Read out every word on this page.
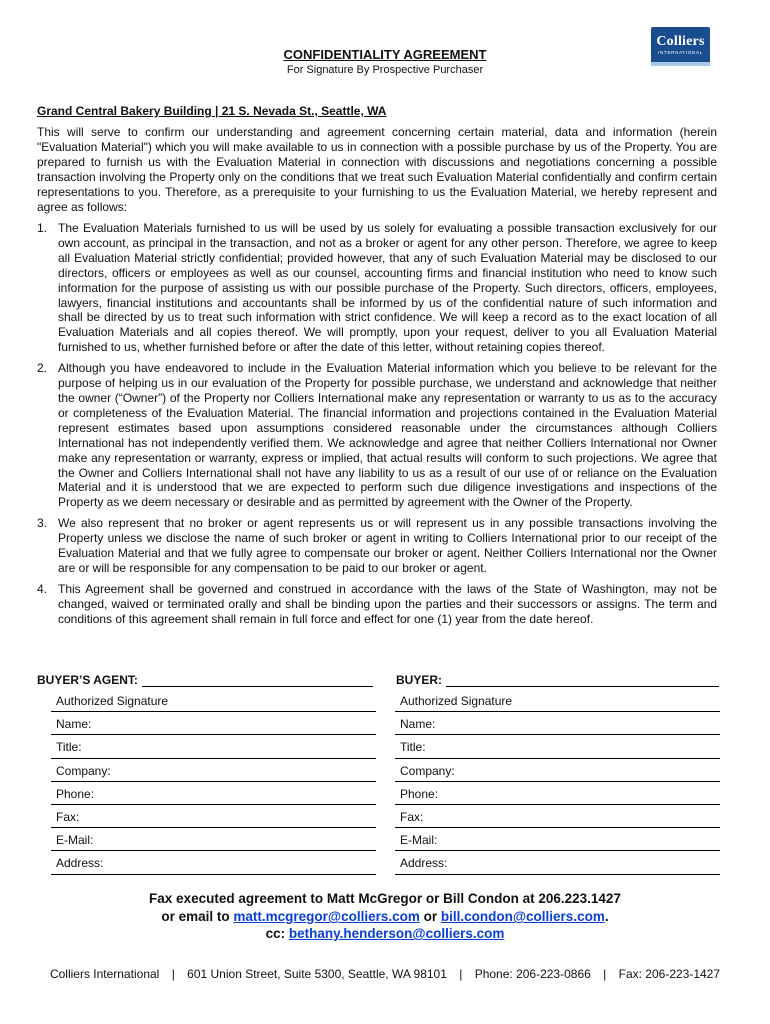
Colliers
INTERNATIONAL
CONFIDENTIALITY AGREEMENT
For Signature By Prospective Purchaser
Grand Central Bakery Building | 21 S. Nevada St., Seattle, WA

This will serve to confirm our understanding and agreement concerning certain material, data and information (herein "Evaluation Material") which you will make available to us in connection with a possible purchase by us of the Property. You are prepared to furnish us with the Evaluation Material in connection with discussions and negotiations concerning a possible transaction involving the Property only on the conditions that we treat such Evaluation Material confidentially and confirm certain representations to you. Therefore, as a prerequisite to your furnishing to us the Evaluation Material, we hereby represent and agree as follows:

1. The Evaluation Materials furnished to us will be used by us solely for evaluating a possible transaction exclusively for our own account, as principal in the transaction, and not as a broker or agent for any other person. Therefore, we agree to keep all Evaluation Material strictly confidential; provided however, that any of such Evaluation Material may be disclosed to our directors, officers or employees as well as our counsel, accounting firms and financial institution who need to know such information for the purpose of assisting us with our possible purchase of the Property. Such directors, officers, employees, lawyers, financial institutions and accountants shall be informed by us of the confidential nature of such information and shall be directed by us to treat such information with strict confidence. We will keep a record as to the exact location of all Evaluation Materials and all copies thereof. We will promptly, upon your request, deliver to you all Evaluation Material furnished to us, whether furnished before or after the date of this letter, without retaining copies thereof.
2. Although you have endeavored to include in the Evaluation Material information which you believe to be relevant for the purpose of helping us in our evaluation of the Property for possible purchase, we understand and acknowledge that neither the owner (“Owner”) of the Property nor Colliers International make any representation or warranty to us as to the accuracy or completeness of the Evaluation Material. The financial information and projections contained in the Evaluation Material represent estimates based upon assumptions considered reasonable under the circumstances although Colliers International has not independently verified them. We acknowledge and agree that neither Colliers International nor Owner make any representation or warranty, express or implied, that actual results will conform to such projections. We agree that the Owner and Colliers International shall not have any liability to us as a result of our use of or reliance on the Evaluation Material and it is understood that we are expected to perform such due diligence investigations and inspections of the Property as we deem necessary or desirable and as permitted by agreement with the Owner of the Property.
3. We also represent that no broker or agent represents us or will represent us in any possible transactions involving the Property unless we disclose the name of such broker or agent in writing to Colliers International prior to our receipt of the Evaluation Material and that we fully agree to compensate our broker or agent. Neither Colliers International nor the Owner are or will be responsible for any compensation to be paid to our broker or agent.
4. This Agreement shall be governed and construed in accordance with the laws of the State of Washington, may not be changed, waived or terminated orally and shall be binding upon the parties and their successors or assigns. The term and conditions of this agreement shall remain in full force and effect for one (1) year from the date hereof.
BUYER’S AGENT:	BUYER:
Authorized Signature
Name:
Title:
Company:
Phone:
Fax:
E-Mail:
Address:
Authorized Signature
Name:
Title:
Company:
Phone:
Fax:
E-Mail:
Address:
Fax executed agreement to Matt McGregor or Bill Condon at 206.223.1427
or email to matt.mcgregor@colliers.com or bill.condon@colliers.com.
cc: bethany.henderson@colliers.com
Colliers International | 601 Union Street, Suite 5300, Seattle, WA 98101 | Phone: 206-223-0866 | Fax: 206-223-1427
